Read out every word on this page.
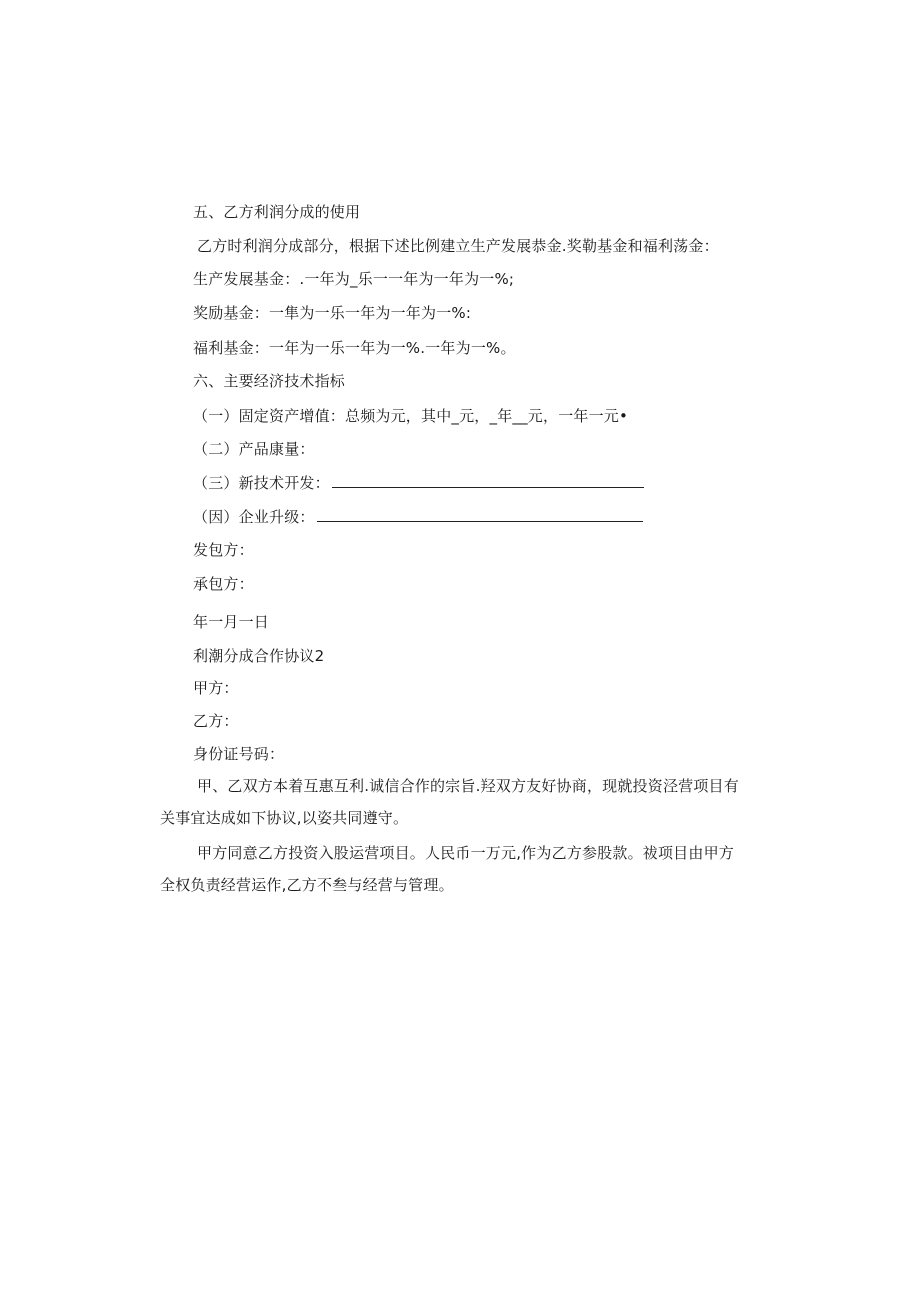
五、乙方利润分成的使用
乙方时利润分成部分，根据下述比例建立生产发展恭金.奖勒基金和福利荡金：
生产发展基金：.一年为_乐一一年为一年为一%;
奖励基金：一隼为一乐一年为一年为一%:
福利基金：一年为一乐一年为一%.一年为一%。
六、主要经济技术指标
（一）固定资产增值：总频为元，其中_元，_年__元，一年一元•
（二）产品康量：
（三）新技术开发：
（因）企业升级：
发包方：
承包方：
年一月一日
利潮分成合作协议2
甲方：
乙方：
身份证号码：
甲、乙双方本着互惠互利.诚信合作的宗旨.羟双方友好协商，现就投资泾营项目有
关事宜达成如下协议,以姿共同遵守。
甲方同意乙方投资入股运营项目。人民币一万元,作为乙方参股款。祓项目由甲方
全权负责经营运作,乙方不叁与经营与管理。
